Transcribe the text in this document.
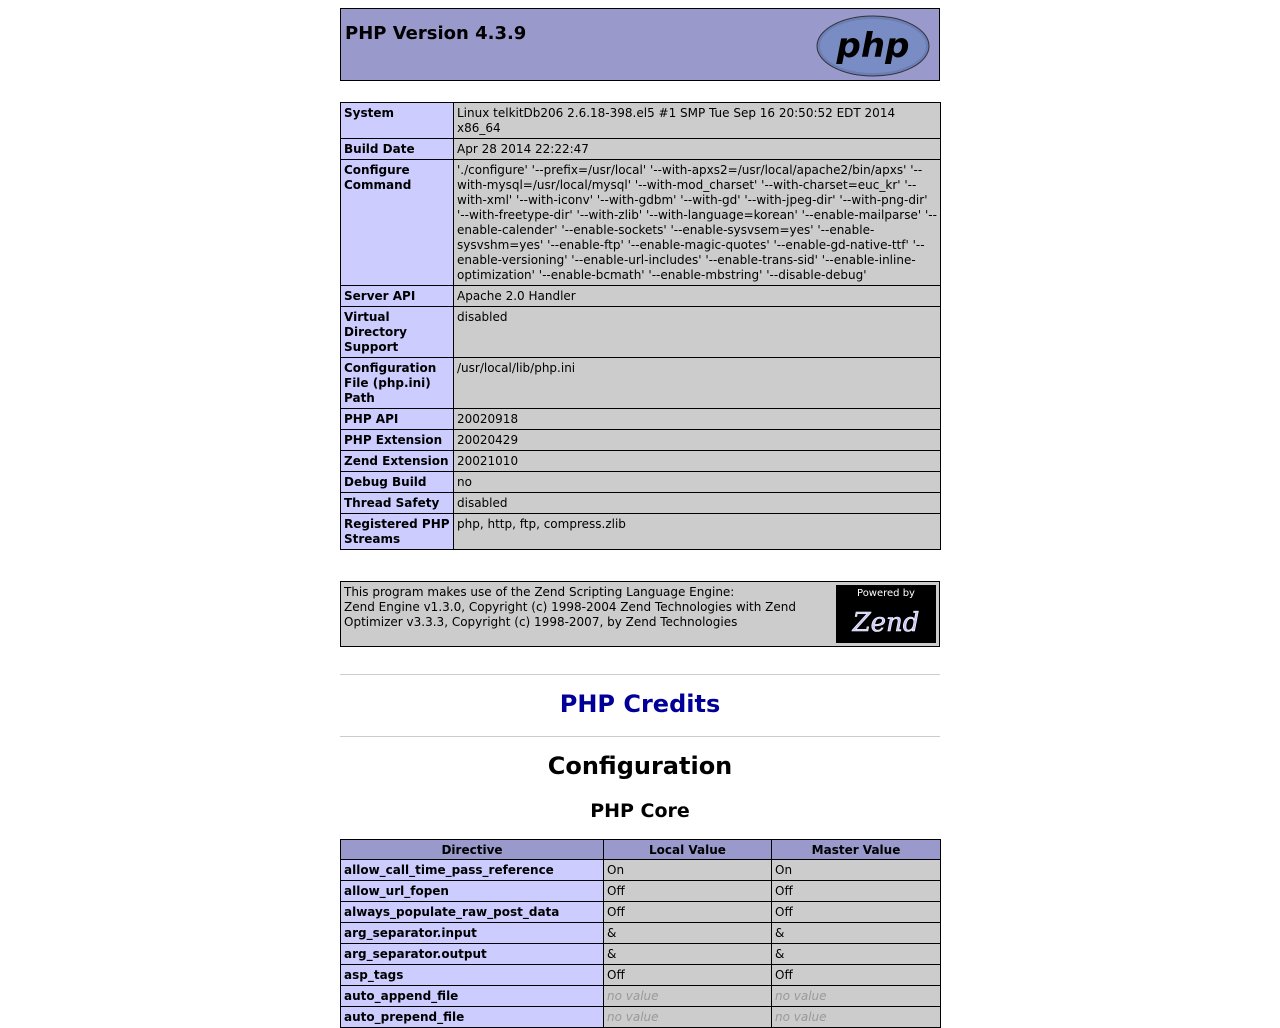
PHP Version 4.3.9	php
System	Linux telkitDb206 2.6.18-398.el5 #1 SMP Tue Sep 16 20:50:52 EDT 2014 x86_64
Build Date	Apr 28 2014 22:22:47
Configure Command	'./configure' '--prefix=/usr/local' '--with-apxs2=/usr/local/apache2/bin/apxs' '--with-mysql=/usr/local/mysql' '--with-mod_charset' '--with-charset=euc_kr' '--with-xml' '--with-iconv' '--with-gdbm' '--with-gd' '--with-jpeg-dir' '--with-png-dir' '--with-freetype-dir' '--with-zlib' '--with-language=korean' '--enable-mailparse' '--enable-calender' '--enable-sockets' '--enable-sysvsem=yes' '--enable-sysvshm=yes' '--enable-ftp' '--enable-magic-quotes' '--enable-gd-native-ttf' '--enable-versioning' '--enable-url-includes' '--enable-trans-sid' '--enable-inline-optimization' '--enable-bcmath' '--enable-mbstring' '--disable-debug'
Server API	Apache 2.0 Handler
Virtual Directory Support	disabled
Configuration File (php.ini) Path	/usr/local/lib/php.ini
PHP API	20020918
PHP Extension	20020429
Zend Extension	20021010
Debug Build	no
Thread Safety	disabled
Registered PHP Streams	php, http, ftp, compress.zlib
This program makes use of the Zend Scripting Language Engine:
Zend Engine v1.3.0, Copyright (c) 1998-2004 Zend Technologies with Zend Optimizer v3.3.3, Copyright (c) 1998-2007, by Zend Technologies
Powered by
Zend
PHP Credits
Configuration
PHP Core
Directive	Local Value	Master Value
allow_call_time_pass_reference	On	On
allow_url_fopen	Off	Off
always_populate_raw_post_data	Off	Off
arg_separator.input	&	&
arg_separator.output	&	&
asp_tags	Off	Off
auto_append_file	no value	no value
auto_prepend_file	no value	no value
